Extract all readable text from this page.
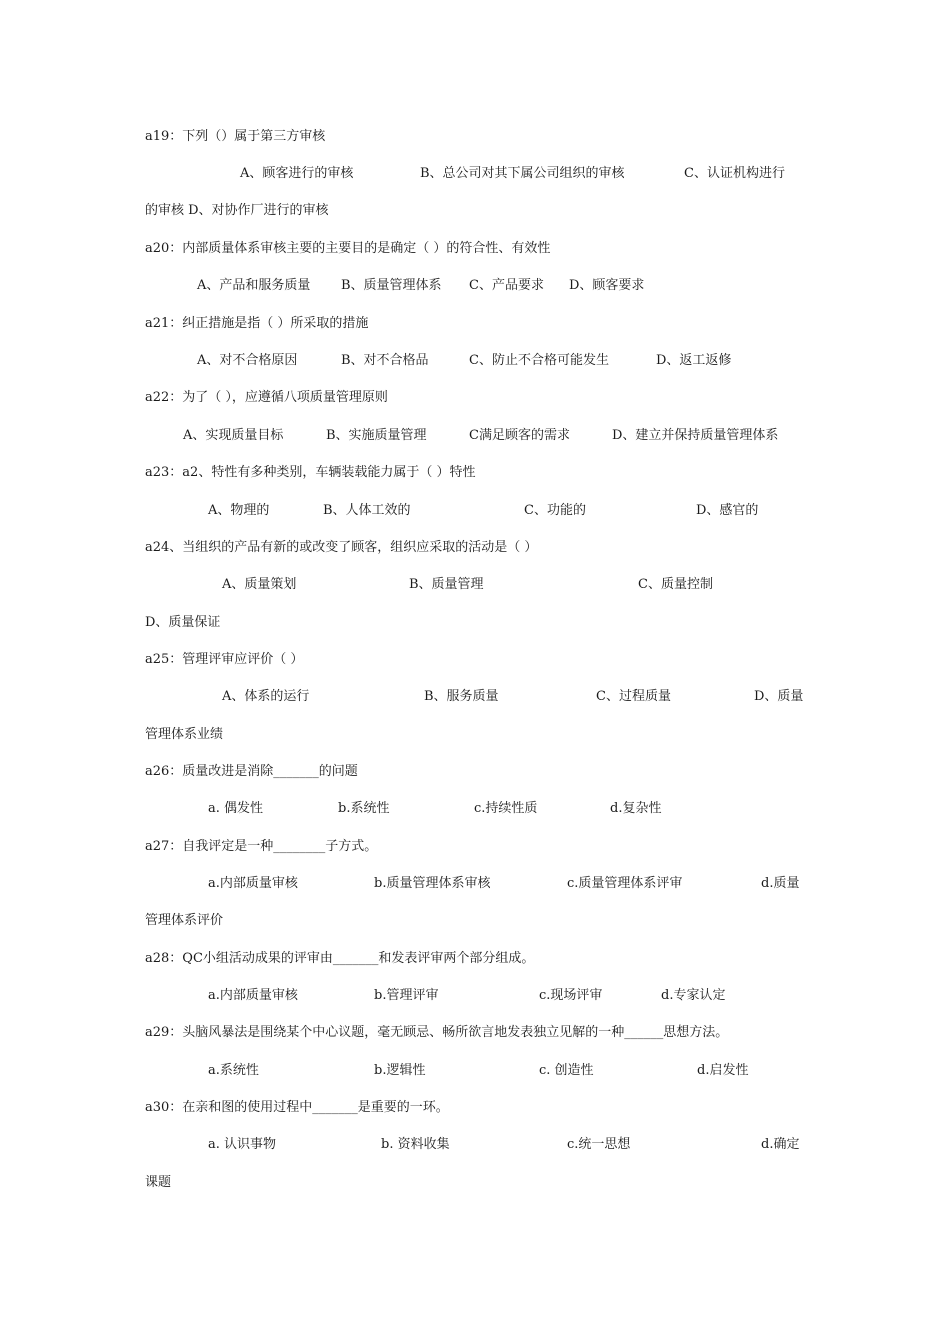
a19：下列（）属于第三方审核
A、顾客进行的审核	B、总公司对其下属公司组织的审核	C、认证机构进行
的审核 D、对协作厂进行的审核
a20：内部质量体系审核主要的主要目的是确定（ ）的符合性、有效性
A、产品和服务质量 B、质量管理体系 C、产品要求 D、顾客要求
a21：纠正措施是指（ ）所采取的措施
A、对不合格原因	B、对不合格品	C、防止不合格可能发生	D、返工返修
a22：为了（ ），应遵循八项质量管理原则
A、实现质量目标	B、实施质量管理	C满足顾客的需求	D、建立并保持质量管理体系
a23：a2、特性有多种类别，车辆装载能力属于（ ）特性
A、物理的	B、人体工效的	C、功能的	D、感官的
a24、当组织的产品有新的或改变了顾客，组织应采取的活动是（ ）
A、质量策划	B、质量管理	C、质量控制
D、质量保证
a25：管理评审应评价（ ）
A、体系的运行	B、服务质量	C、过程质量	D、质量
管理体系业绩
a26：质量改进是消除_______的问题
a. 偶发性	b.系统性	c.持续性质	d.复杂性
a27：自我评定是一种________子方式。
a.内部质量审核	b.质量管理体系审核	c.质量管理体系评审	d.质量
管理体系评价
a28：QC小组活动成果的评审由_______和发表评审两个部分组成。
a.内部质量审核	b.管理评审	c.现场评审	d.专家认定
a29：头脑风暴法是围绕某个中心议题，毫无顾忌、畅所欲言地发表独立见解的一种______思想方法。
a.系统性	b.逻辑性	c. 创造性	d.启发性
a30：在亲和图的使用过程中_______是重要的一环。
a. 认识事物	b. 资料收集	c.统一思想	d.确定
课题
